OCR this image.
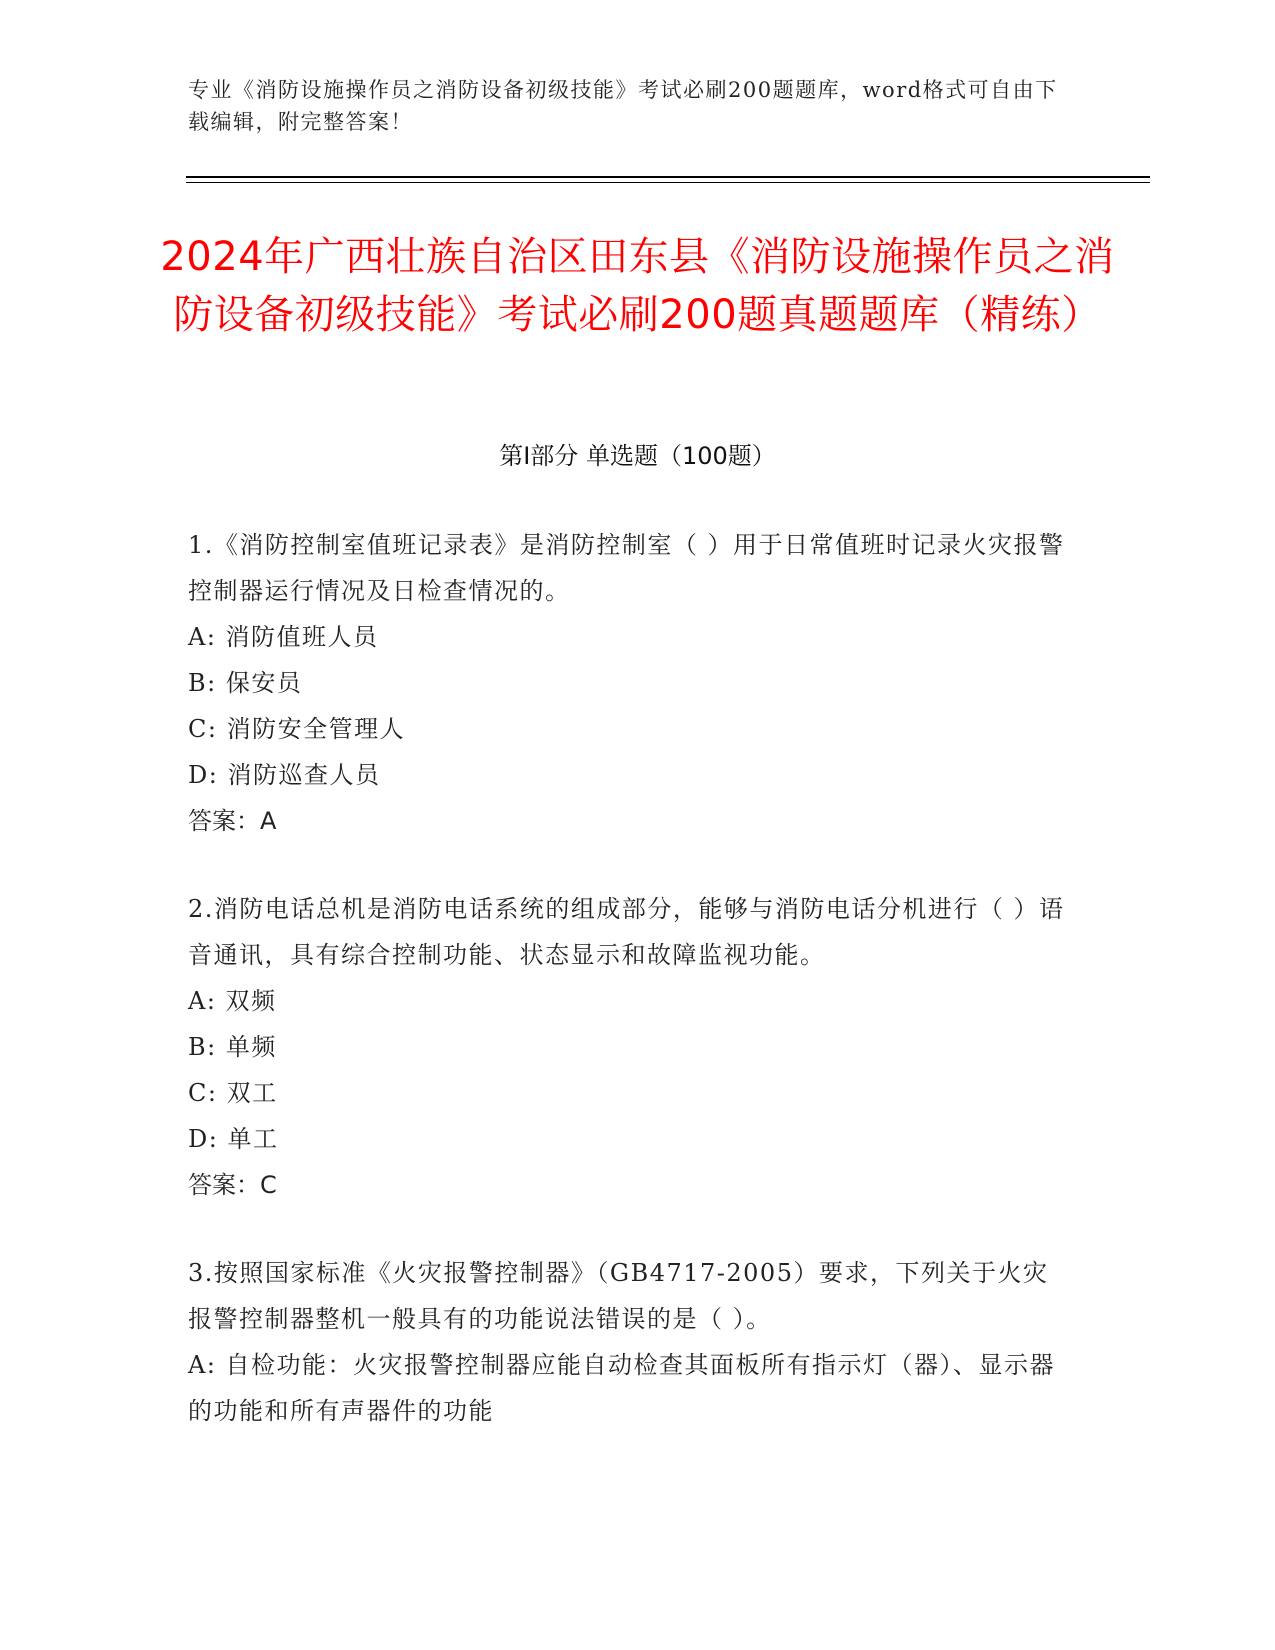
专业《消防设施操作员之消防设备初级技能》考试必刷200题题库，word格式可自由下载编辑，附完整答案！
2024年广西壮族自治区田东县《消防设施操作员之消防设备初级技能》考试必刷200题真题题库（精练）
第I部分 单选题（100题）

1.《消防控制室值班记录表》是消防控制室（ ）用于日常值班时记录火灾报警控制器运行情况及日检查情况的。

A: 消防值班人员

B: 保安员

C: 消防安全管理人

D: 消防巡查人员

答案：A

2.消防电话总机是消防电话系统的组成部分，能够与消防电话分机进行（ ）语音通讯，具有综合控制功能、状态显示和故障监视功能。

A: 双频

B: 单频

C: 双工

D: 单工

答案：C

3.按照国家标准《火灾报警控制器》（GB4717-2005）要求，下列关于火灾报警控制器整机一般具有的功能说法错误的是（ ）。

A: 自检功能：火灾报警控制器应能自动检查其面板所有指示灯（器）、显示器的功能和所有声器件的功能
